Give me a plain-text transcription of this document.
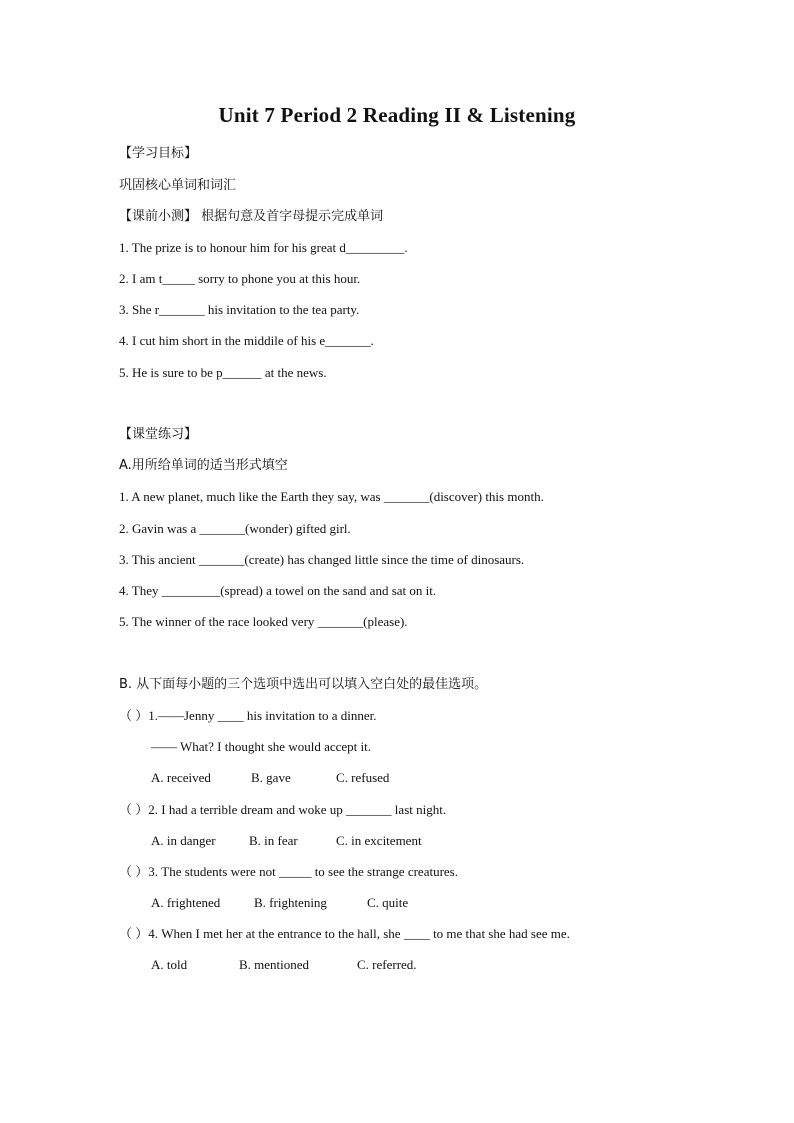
Unit 7 Period 2 Reading II & Listening
【学习目标】
巩固核心单词和词汇
【课前小测】 根据句意及首字母提示完成单词
1. The prize is to honour him for his great d_________.
2. I am t_____ sorry to phone you at this hour.
3. She r_______ his invitation to the tea party.
4. I cut him short in the middile of his e_______.
5. He is sure to be p______ at the news.
【课堂练习】
A.用所给单词的适当形式填空
1. A new planet, much like the Earth they say, was _______(discover) this month.
2. Gavin was a _______(wonder) gifted girl.
3. This ancient _______(create) has changed little since the time of dinosaurs.
4. They _________(spread) a towel on the sand and sat on it.
5. The winner of the race looked very _______(please).
B. 从下面每小题的三个选项中选出可以填入空白处的最佳选项。
（ ）1.——Jenny ____ his invitation to a dinner.
—— What? I thought she would accept it.
A. received	B. gave	C. refused
（ ）2. I had a terrible dream and woke up _______ last night.
A. in danger	B. in fear	C. in excitement
（ ）3. The students were not _____ to see the strange creatures.
A. frightened	B. frightening	C. quite
（ ）4. When I met her at the entrance to the hall, she ____ to me that she had see me.
A. told	B. mentioned	C. referred.
